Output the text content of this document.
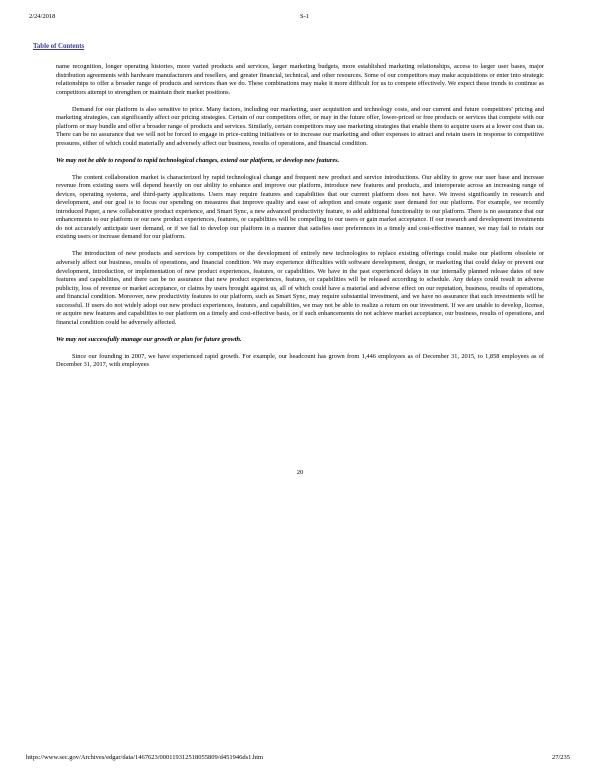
2/24/2018	S-1
Table of Contents

name recognition, longer operating histories, more varied products and services, larger marketing budgets, more established marketing relationships, access to larger user bases, major distribution agreements with hardware manufacturers and resellers, and greater financial, technical, and other resources. Some of our competitors may make acquisitions or enter into strategic relationships to offer a broader range of products and services than we do. These combinations may make it more difficult for us to compete effectively. We expect these trends to continue as competitors attempt to strengthen or maintain their market positions.

Demand for our platform is also sensitive to price. Many factors, including our marketing, user acquisition and technology costs, and our current and future competitors' pricing and marketing strategies, can significantly affect our pricing strategies. Certain of our competitors offer, or may in the future offer, lower-priced or free products or services that compete with our platform or may bundle and offer a broader range of products and services. Similarly, certain competitors may use marketing strategies that enable them to acquire users at a lower cost than us. There can be no assurance that we will not be forced to engage in price-cutting initiatives or to increase our marketing and other expenses to attract and retain users in response to competitive pressures, either of which could materially and adversely affect our business, results of operations, and financial condition.

We may not be able to respond to rapid technological changes, extend our platform, or develop new features.

The content collaboration market is characterized by rapid technological change and frequent new product and service introductions. Our ability to grow our user base and increase revenue from existing users will depend heavily on our ability to enhance and improve our platform, introduce new features and products, and interoperate across an increasing range of devices, operating systems, and third-party applications. Users may require features and capabilities that our current platform does not have. We invest significantly in research and development, and our goal is to focus our spending on measures that improve quality and ease of adoption and create organic user demand for our platform. For example, we recently introduced Paper, a new collaborative product experience, and Smart Sync, a new advanced productivity feature, to add additional functionality to our platform. There is no assurance that our enhancements to our platform or our new product experiences, features, or capabilities will be compelling to our users or gain market acceptance. If our research and development investments do not accurately anticipate user demand, or if we fail to develop our platform in a manner that satisfies user preferences in a timely and cost-effective manner, we may fail to retain our existing users or increase demand for our platform.

The introduction of new products and services by competitors or the development of entirely new technologies to replace existing offerings could make our platform obsolete or adversely affect our business, results of operations, and financial condition. We may experience difficulties with software development, design, or marketing that could delay or prevent our development, introduction, or implementation of new product experiences, features, or capabilities. We have in the past experienced delays in our internally planned release dates of new features and capabilities, and there can be no assurance that new product experiences, features, or capabilities will be released according to schedule. Any delays could result in adverse publicity, loss of revenue or market acceptance, or claims by users brought against us, all of which could have a material and adverse effect on our reputation, business, results of operations, and financial condition. Moreover, new productivity features to our platform, such as Smart Sync, may require substantial investment, and we have no assurance that such investments will be successful. If users do not widely adopt our new product experiences, features, and capabilities, we may not be able to realize a return on our investment. If we are unable to develop, license, or acquire new features and capabilities to our platform on a timely and cost-effective basis, or if such enhancements do not achieve market acceptance, our business, results of operations, and financial condition could be adversely affected.

We may not successfully manage our growth or plan for future growth.

Since our founding in 2007, we have experienced rapid growth. For example, our headcount has grown from 1,446 employees as of December 31, 2015, to 1,858 employees as of December 31, 2017, with employees

20
https://www.sec.gov/Archives/edgar/data/1467623/000119312518055809/d451946ds1.htm	27/235
